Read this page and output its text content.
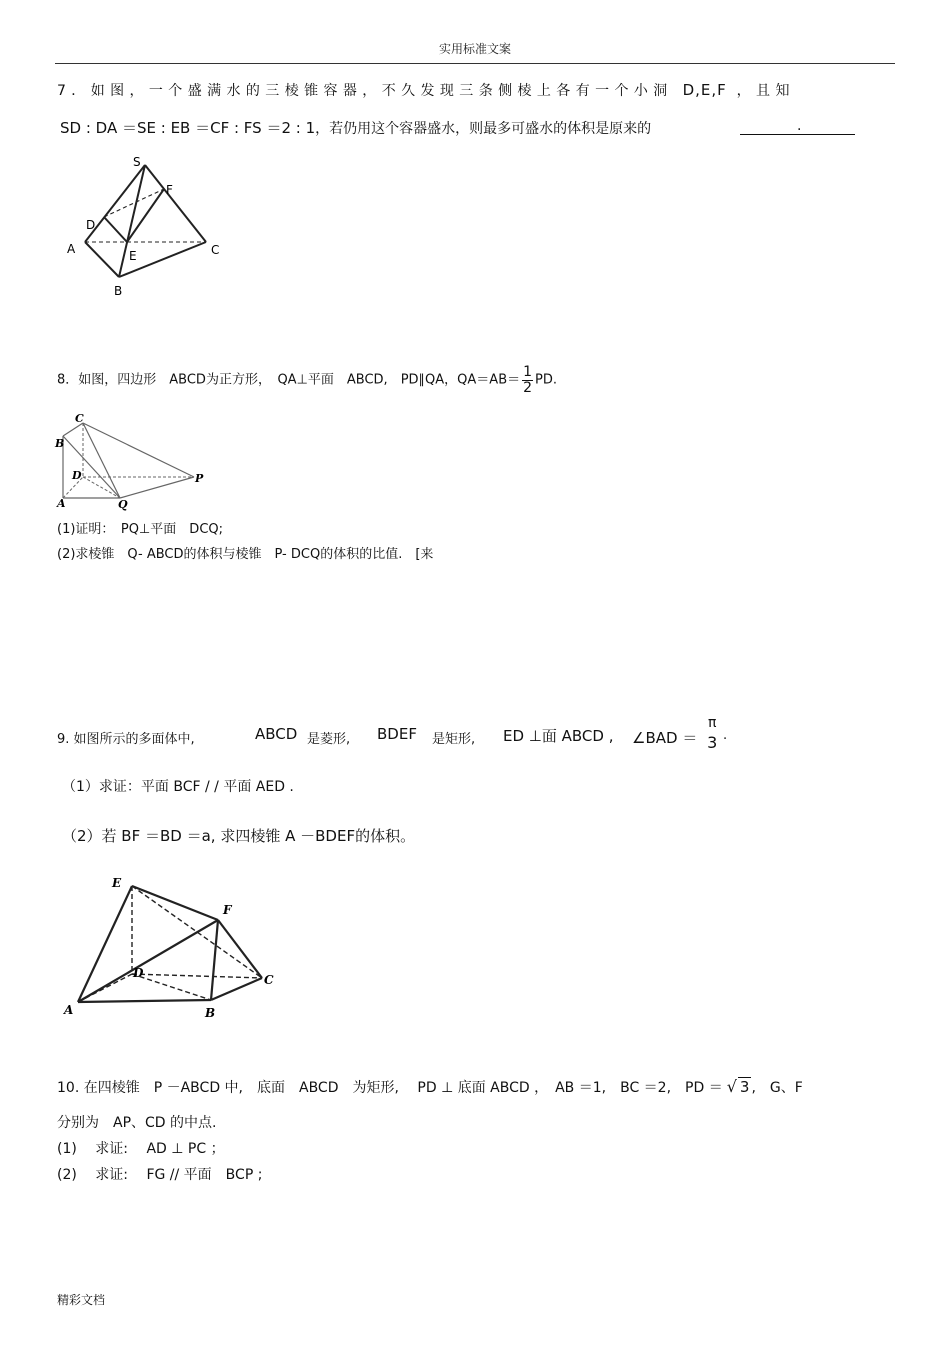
实用标准文案
7．如图，一个盛满水的三棱锥容器，不久发现三条侧棱上各有一个小洞 D,E,F ，且知
SD : DA ＝SE : EB ＝CF : FS ＝2 : 1，若仍用这个容器盛水，则最多可盛水的体积是原来的	.
S
F
D
A	E	C
B
8．如图，四边形　ABCD为正方形，　QA⊥平面　ABCD,　PD∥QA，$QA=AB= \frac{1}{2}$ PD.
C
B
D
A	Q
P
(1)证明：　PQ⊥平面　DCQ;
(2)求棱锥　Q- ABCD的体积与棱锥　P- DCQ的体积的比值.　[来
9. 如图所示的多面体中,	ABCD 是菱形, BDEF 是矩形, ED ⊥面 ABCD , ∠BAD ＝
π
3 .
（1）求证：平面 BCF / / 平面 AED .
（2）若 BF ＝BD ＝a, 求四棱锥 A －BDEF的体积。
E
F
D	C
A	B
10. 在四棱锥　P －ABCD 中,　底面　ABCD　为矩形,　 PD ⊥ 底面 ABCD ，　AB ＝1,　BC ＝2,　PD ＝ √ 3 ,　G、F
分别为　AP、CD 的中点.
(1)　 求证:　 AD ⊥ PC ；
(2)　 求证:　 FG // 平面　BCP ;
精彩文档
